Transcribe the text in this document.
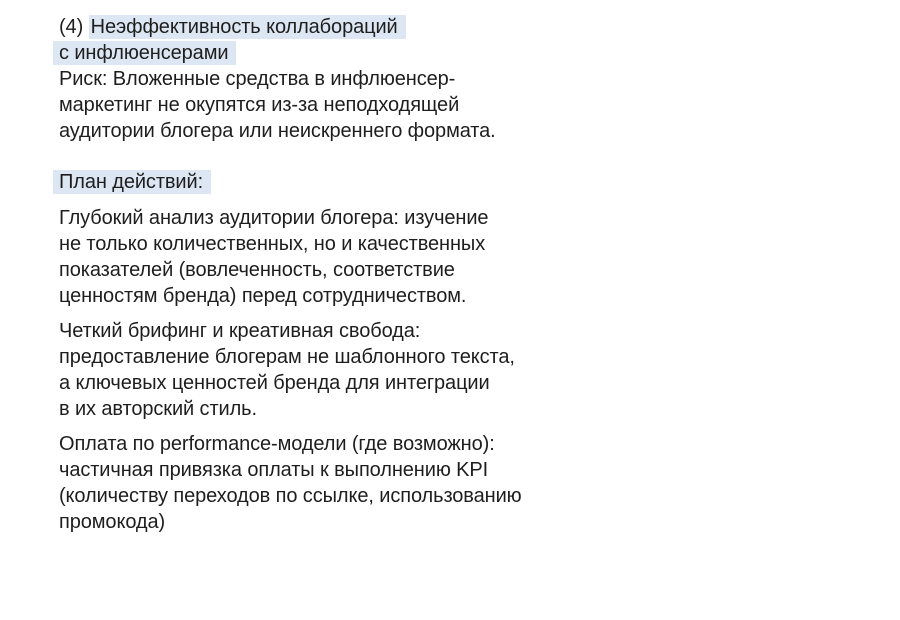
(4) Неэффективность коллабораций
с инфлюенсерами
Риск: Вложенные средства в инфлюенсер-
маркетинг не окупятся из-за неподходящей
аудитории блогера или неискреннего формата.
План действий:
Глубокий анализ аудитории блогера: изучение
не только количественных, но и качественных
показателей (вовлеченность, соответствие
ценностям бренда) перед сотрудничеством.
Четкий брифинг и креативная свобода:
предоставление блогерам не шаблонного текста,
а ключевых ценностей бренда для интеграции
в их авторский стиль.
Оплата по performance-модели (где возможно):
частичная привязка оплаты к выполнению KPI
(количеству переходов по ссылке, использованию
промокода)
